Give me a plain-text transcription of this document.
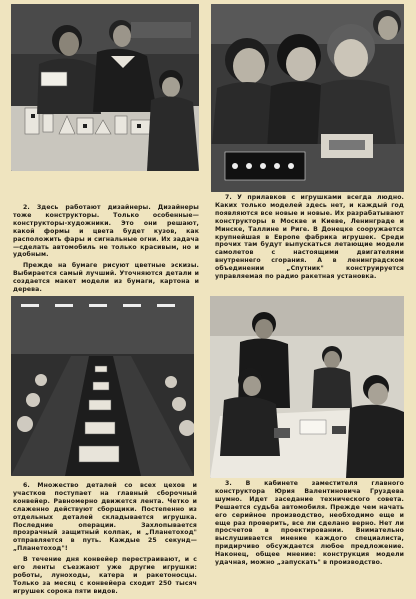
2. Здесь работают дизайнеры. Дизайнеры тоже конструкторы. Только особенные—конструкторы-художники. Это они решают, какой формы и цвета будет кузов, как расположить фары и сигнальные огни. Их задача—сделать автомобиль не только красивым, но и удобным.

Прежде на бумаге рисуют цветные эскизы. Выбирается самый лучший. Уточняются детали и создается макет модели из бумаги, картона и дерева.

7. У прилавков с игрушками всегда людно. Каких только моделей здесь нет, и каждый год появляются все новые и новые. Их разрабатывают конструкторы в Москве и Киеве, Ленинграде и Минске, Таллине и Риге. В Донецке сооружается крупнейшая в Европе фабрика игрушек. Среди прочих там будут выпускаться летающие модели самолетов с настоящими двигателями внутреннего сгорания. А в ленинградском объединении „Спутник" конструируется управляемая по радио ракетная установка.

6. Множество деталей со всех цехов и участков поступает на главный сборочный конвейер. Равномерно движется лента. Четко и слаженно действуют сборщики. Постепенно из отдельных деталей складывается игрушка. Последние операции. Захлопывается прозрачный защитный колпак, и „Планетоход" отправляется в путь. Каждые 25 секунд—„Планетоход"!

В течение дня конвейер перестраивают, и с его ленты съезжают уже другие игрушки: роботы, луноходы, катера и ракетоносцы. Только за месяц с конвейера сходит 250 тысяч игрушек сорока пяти видов.

3. В кабинете заместителя главного конструктора Юрия Валентиновича Груздева шумно. Идет заседание технического совета. Решается судьба автомобиля. Прежде чем начать его серийное производство, необходимо еще и еще раз проверить, все ли сделано верно. Нет ли просчетов в проектировании. Внимательно выслушивается мнение каждого специалиста, придирчиво обсуждается любое предложение. Наконец, общее мнение: конструкция модели удачная, можно „запускать" в производство.
